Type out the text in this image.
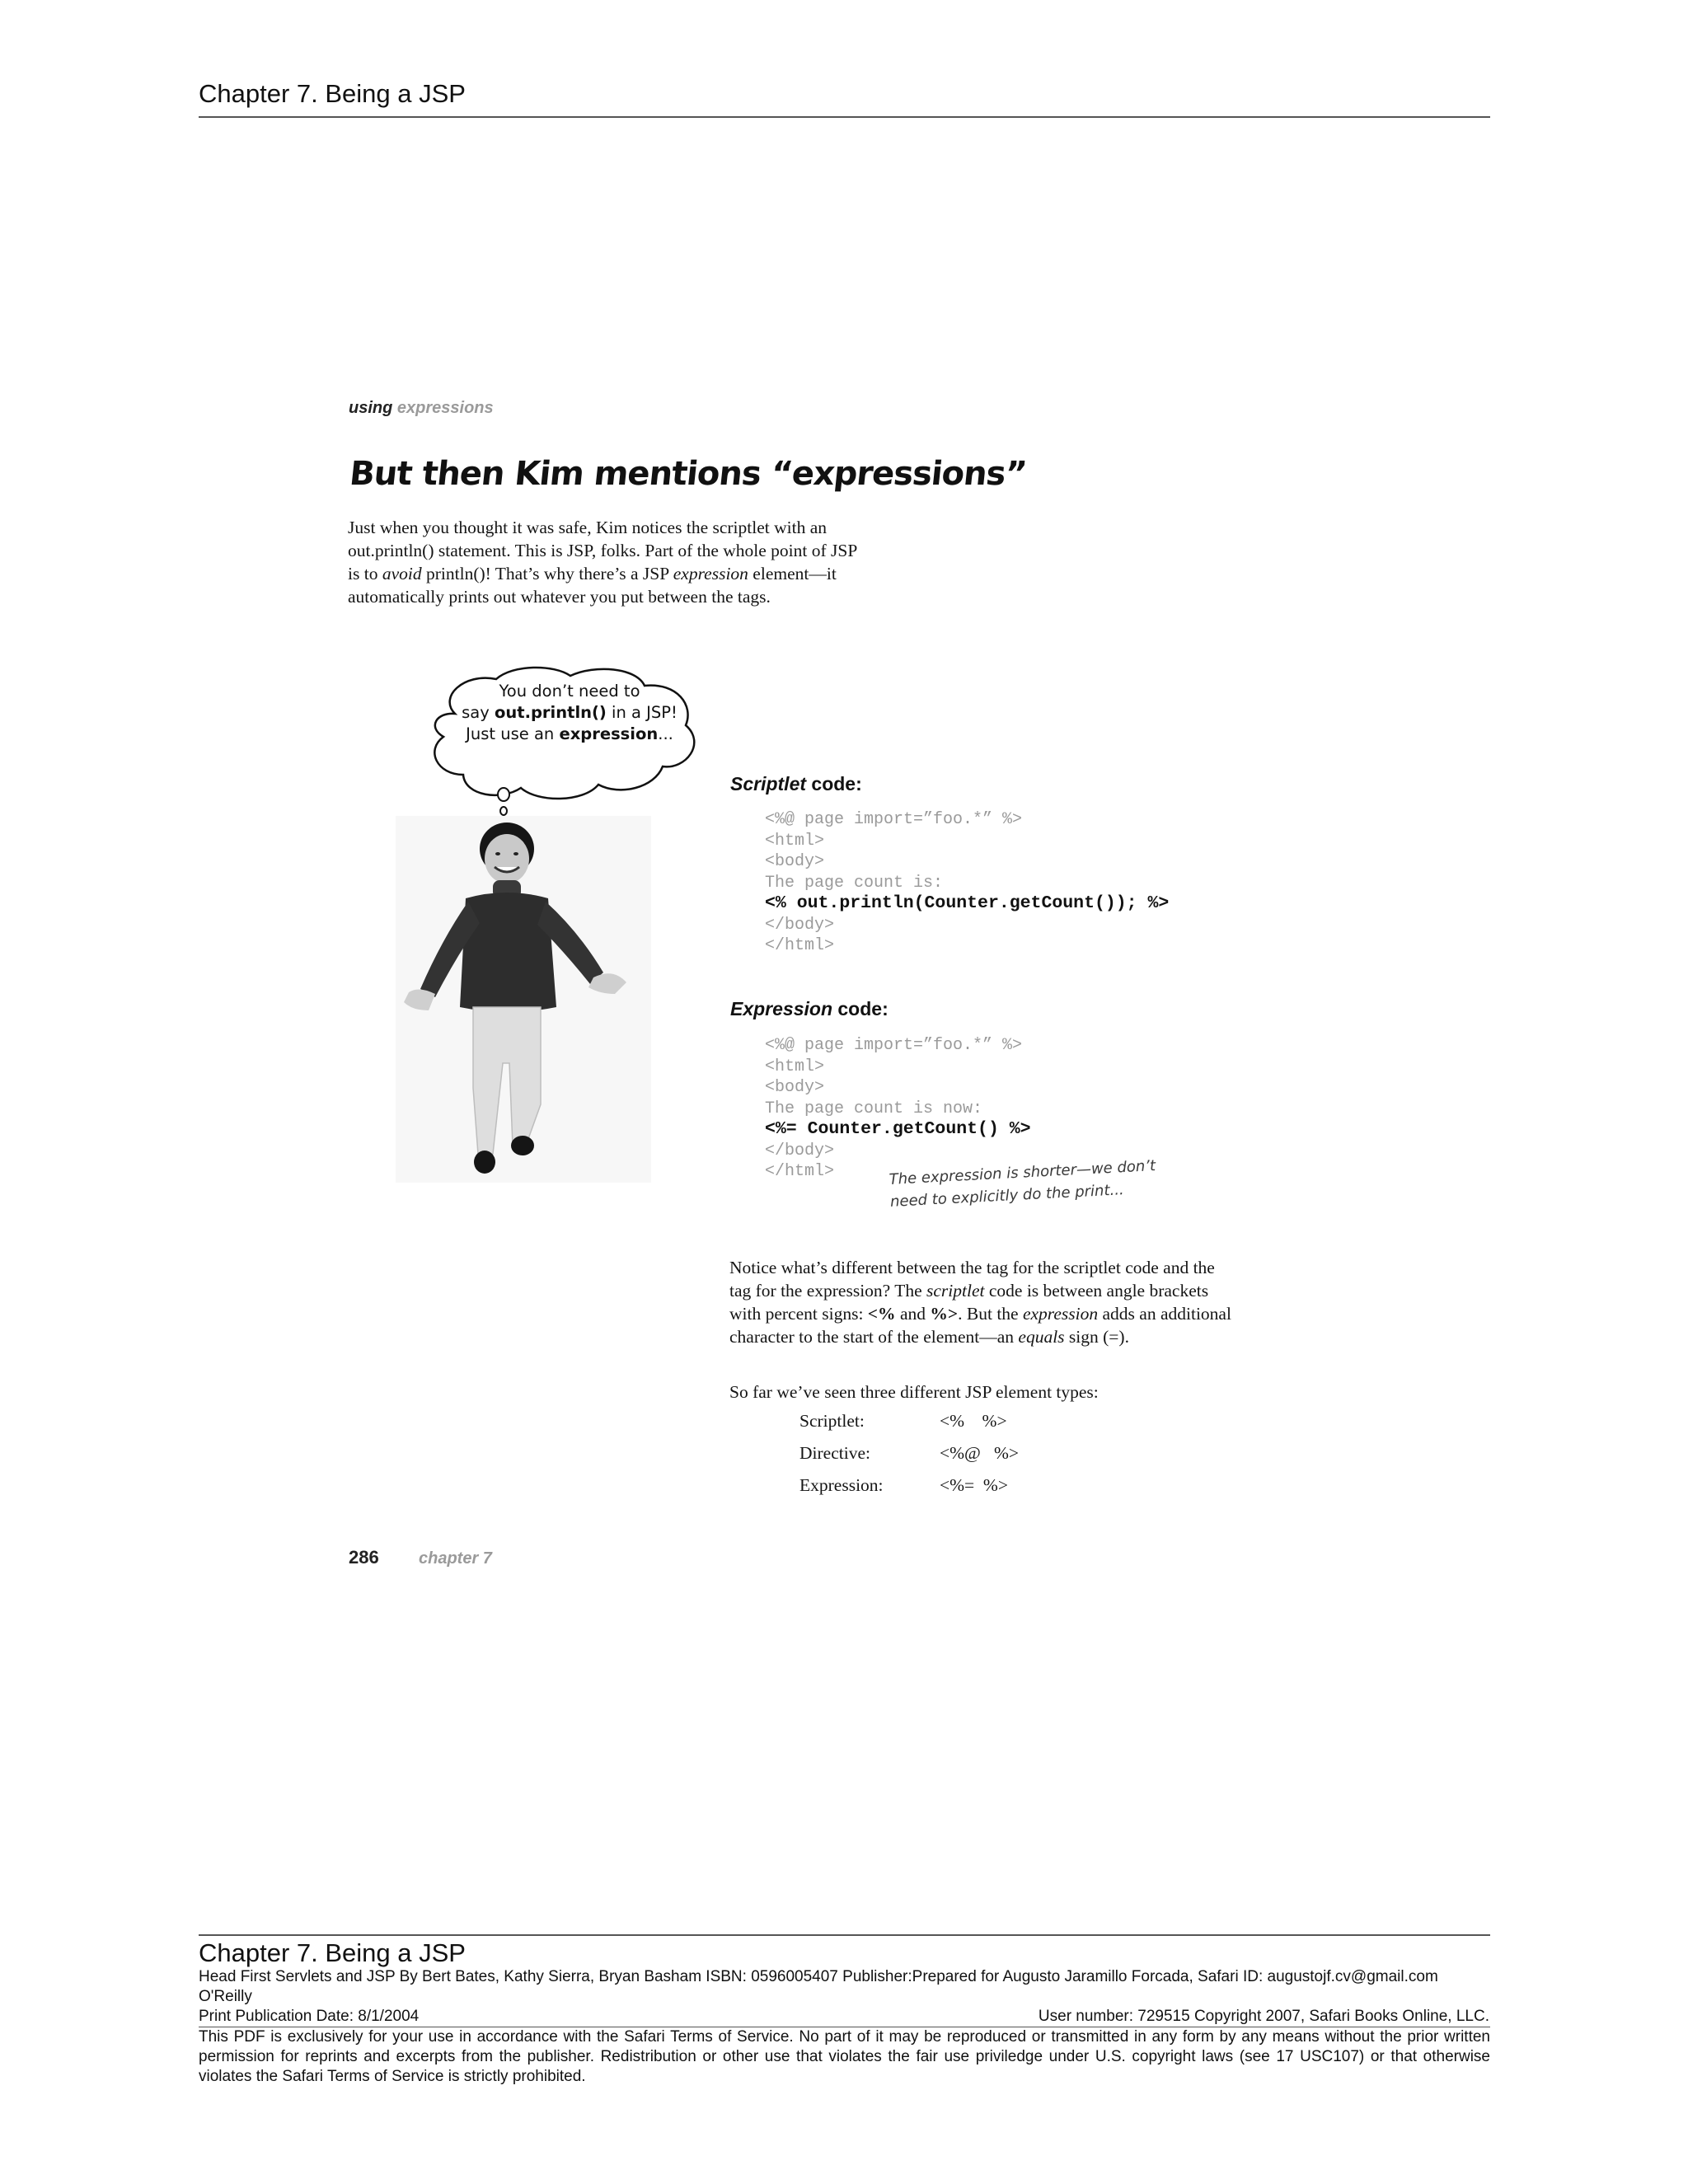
Chapter 7. Being a JSP
using expressions
But then Kim mentions “expressions”

Just when you thought it was safe, Kim notices the scriptlet with an out.println() statement. This is JSP, folks. Part of the whole point of JSP is to avoid println()! That’s why there’s a JSP expression element—it automatically prints out whatever you put between the tags.

You don’t need to
say out.println() in a JSP!
Just use an expression...
Scriptlet code:
<%@ page import=”foo.*” %>
<html>
<body>
The page count is:
<% out.println(Counter.getCount()); %>
</body>
</html>
Expression code:
<%@ page import=”foo.*” %>
<html>
<body>
The page count is now:
<%= Counter.getCount() %>
</body>
</html>	The expression is shorter—we don’t
need to explicitly do the print...

Notice what’s different between the tag for the scriptlet code and the tag for the expression? The scriptlet code is between angle brackets with percent signs: <% and %>. But the expression adds an additional character to the start of the element—an equals sign (=).

So far we’ve seen three different JSP element types:

Scriptlet:	<%    %>
Directive:	<%@   %>
Expression:	<%=  %>
286 chapter 7
Chapter 7. Being a JSP
Head First Servlets and JSP By Bert Bates, Kathy Sierra, Bryan Basham ISBN: 0596005407 Publisher:Prepared for Augusto Jaramillo Forcada, Safari ID: augustojf.cv@gmail.com
O'Reilly
Print Publication Date: 8/1/2004	User number: 729515 Copyright 2007, Safari Books Online, LLC.

This PDF is exclusively for your use in accordance with the Safari Terms of Service. No part of it may be reproduced or transmitted in any form by any means without the prior written permission for reprints and excerpts from the publisher. Redistribution or other use that violates the fair use priviledge under U.S. copyright laws (see 17 USC107) or that otherwise violates the Safari Terms of Service is strictly prohibited.
